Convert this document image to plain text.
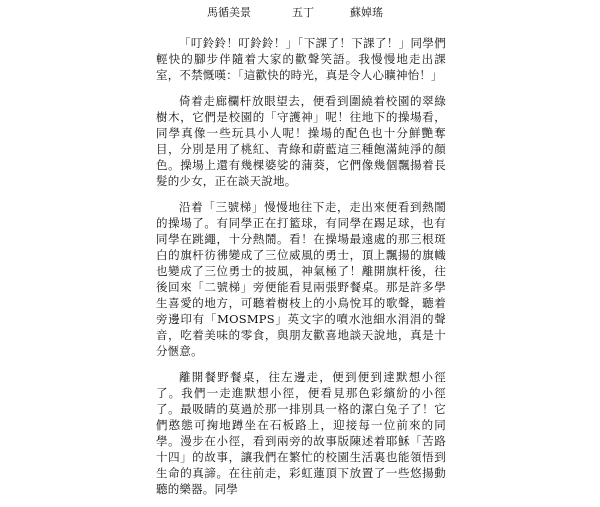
馬循美景	五丁	蘇婥瑤

「叮鈴鈴！叮鈴鈴！」「下課了！下課了！」同學們輕快的腳步伴隨着大家的歡聲笑語。我慢慢地走出課室，不禁慨嘆：「這歡快的時光，真是令人心曠神怡！」

倚着走廊欄杆放眼望去，便看到圍繞着校園的翠綠樹木，它們是校園的「守護神」呢！往地下的操場看，同學真像一些玩具小人呢！操場的配色也十分鮮艷奪目，分別是用了桃紅、青綠和蔚藍這三種飽滿純淨的顏色。操場上還有幾棵婆娑的蒲葵，它們像幾個飄揚着長髮的少女，正在談天說地。

沿着「三號梯」慢慢地往下走，走出來便看到熱鬧的操場了。有同學正在打籃球，有同學在踢足球，也有同學在跳繩，十分熱鬧。看！在操場最遠處的那三根斑白的旗杆彷彿變成了三位威風的勇士，頂上飄揚的旗幟也變成了三位勇士的披風，神氣極了！離開旗杆後，往後回來「二號梯」旁便能看見兩張野餐桌。那是許多學生喜愛的地方，可聽着樹枝上的小鳥悅耳的歌聲，聽着旁邊印有「MOSMPS」英文字的噴水池細水涓涓的聲音，吃着美味的零食，與朋友歡喜地談天說地，真是十分愜意。

離開餐野餐桌，往左邊走，便到便到達默想小徑了。我們一走進默想小徑，便看見那色彩繽紛的小徑了。最吸睛的莫過於那一排別具一格的潔白兔子了！它們憨態可掬地蹲坐在石板路上，迎接每一位前來的同學。漫步在小徑，看到兩旁的故事版陳述着耶穌「苦路十四」的故事，讓我們在繁忙的校園生活裏也能領悟到生命的真諦。在往前走，彩虹蓮頂下放置了一些悠揚動聽的樂器。同學
